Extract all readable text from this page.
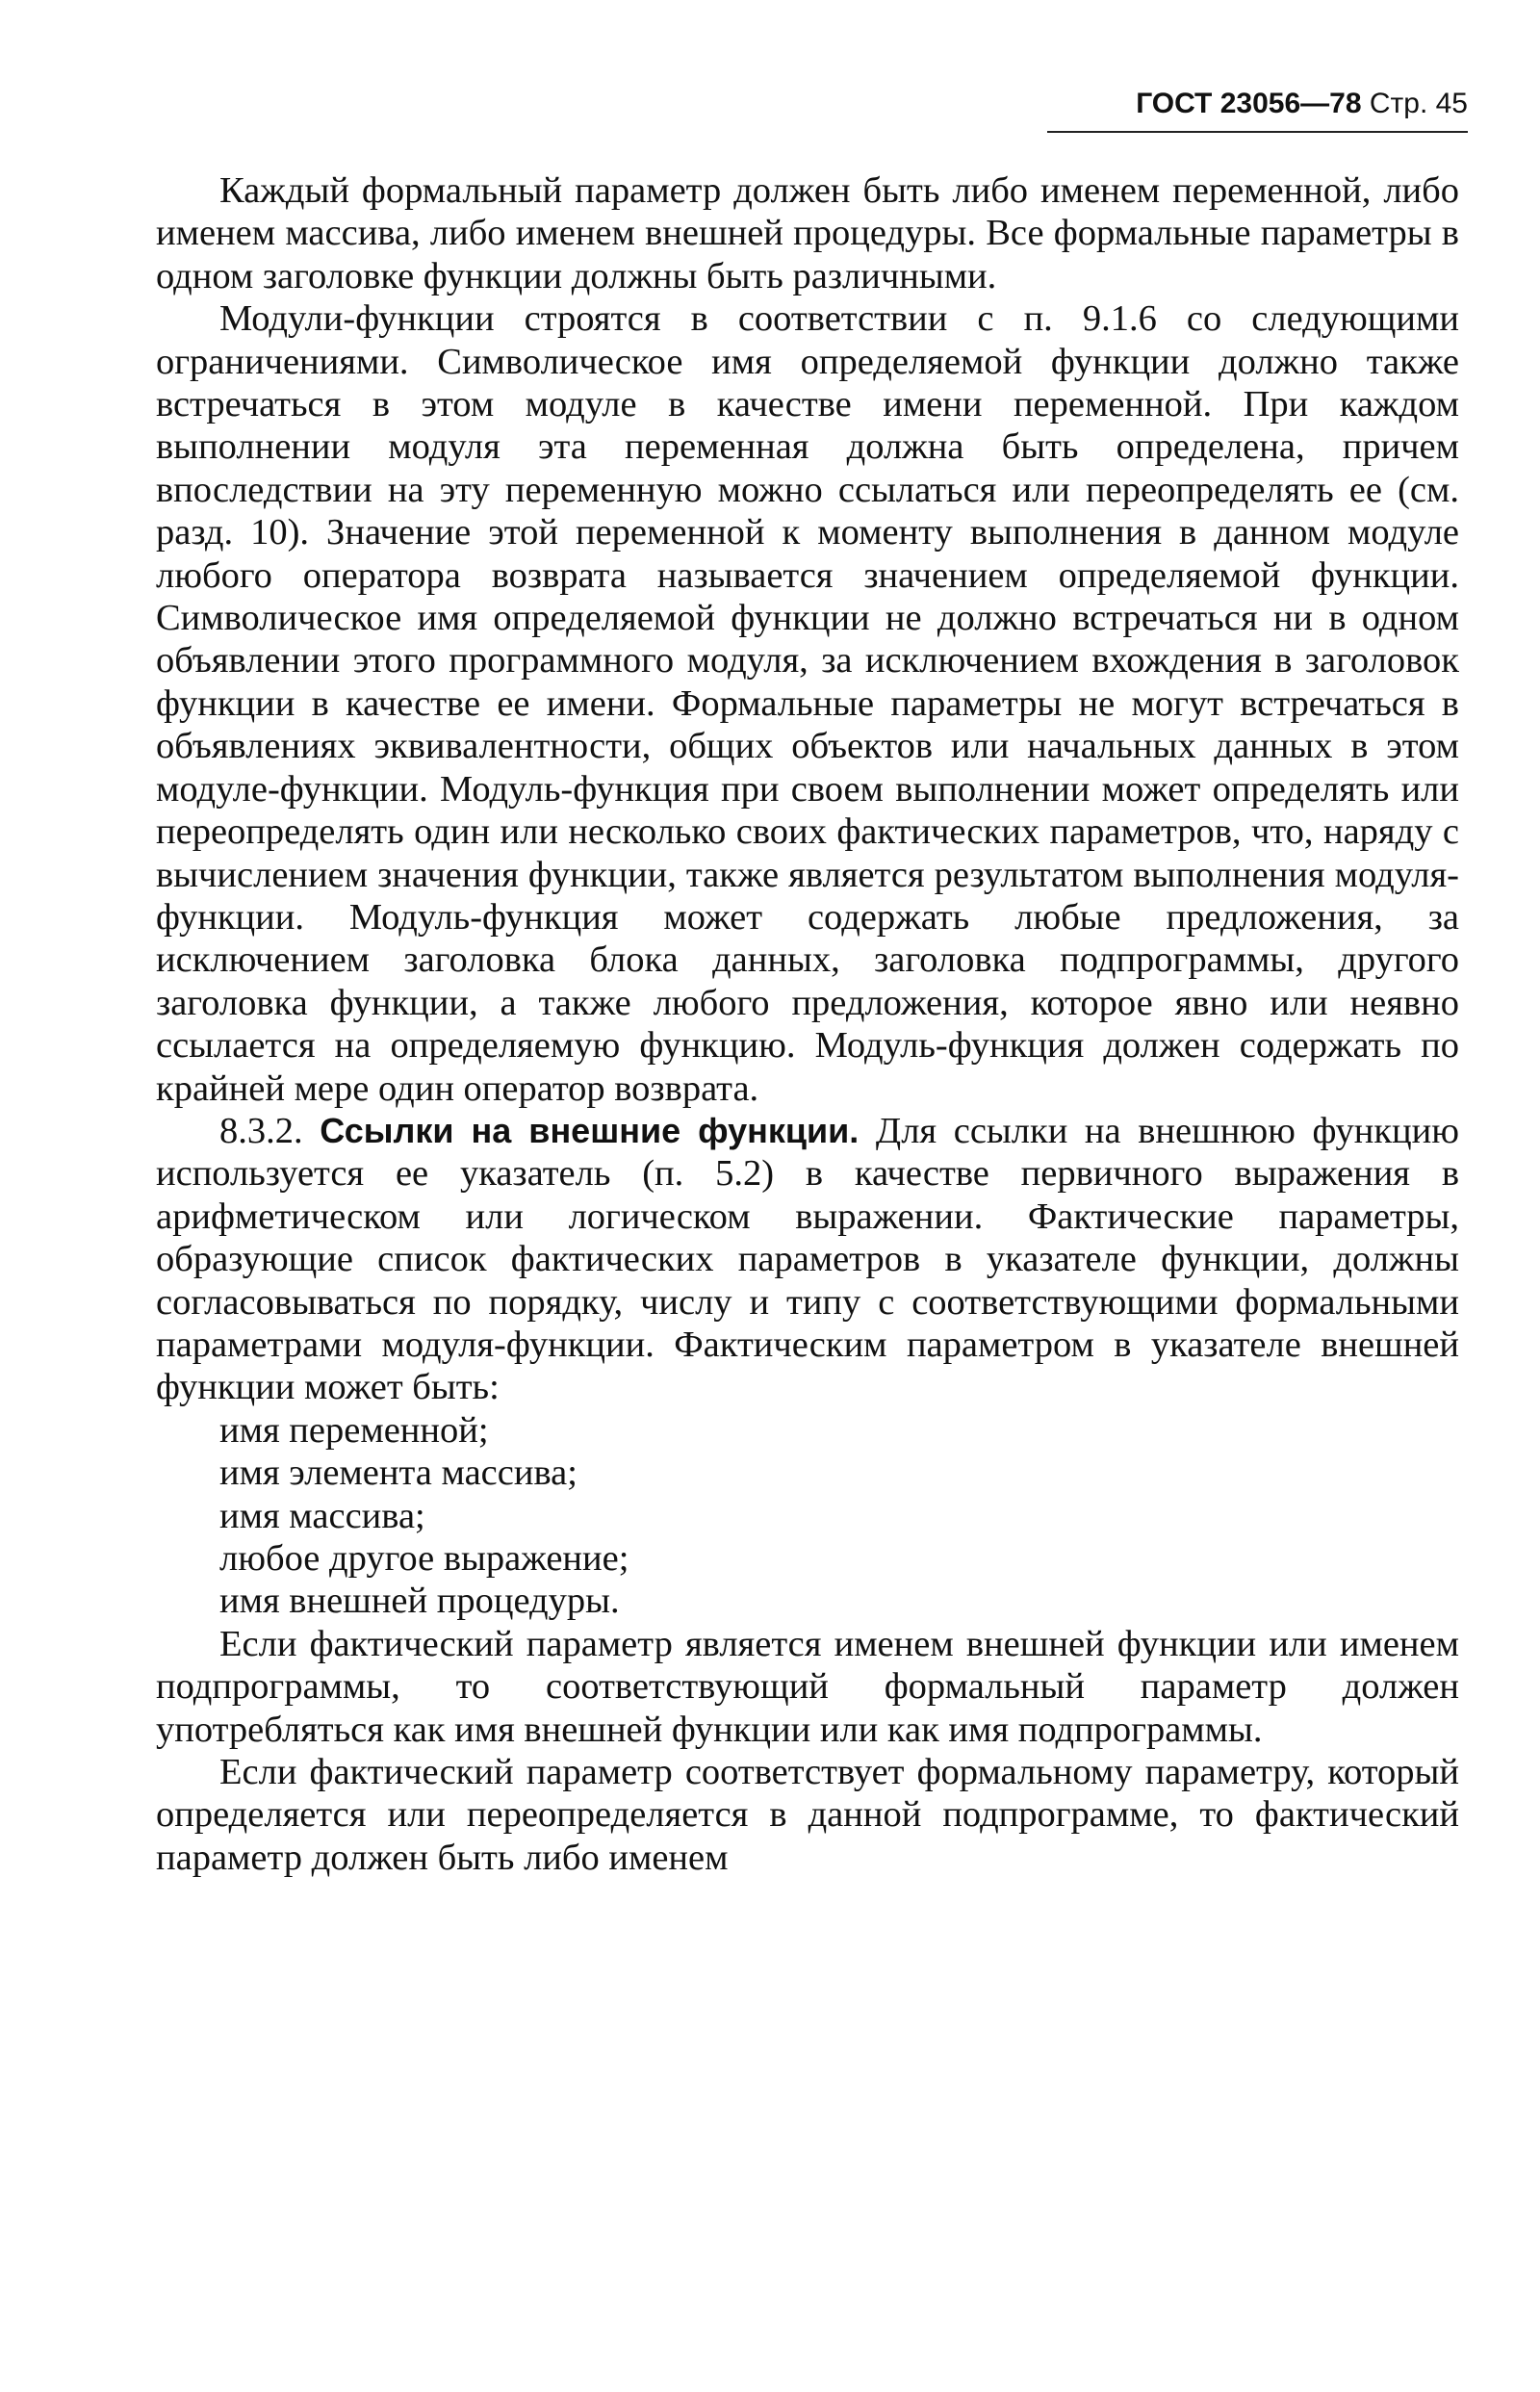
ГОСТ 23056—78 Стр. 45

Каждый формальный параметр должен быть либо именем переменной, либо именем массива, либо именем внешней процедуры. Все формальные параметры в одном заголовке функции должны быть различными.

Модули-функции строятся в соответствии с п. 9.1.6 со следующими ограничениями. Символическое имя определяемой функции должно также встречаться в этом модуле в качестве имени переменной. При каждом выполнении модуля эта переменная должна быть определена, причем впоследствии на эту переменную можно ссылаться или переопределять ее (см. разд. 10). Значение этой переменной к моменту выполнения в данном модуле любого оператора возврата называется значением определяемой функции. Символическое имя определяемой функции не должно встречаться ни в одном объявлении этого программного модуля, за исключением вхождения в заголовок функции в качестве ее имени. Формальные параметры не могут встречаться в объявлениях эквивалентности, общих объектов или начальных данных в этом модуле-функции. Модуль-функция при своем выполнении может определять или переопределять один или несколько своих фактических параметров, что, наряду с вычислением значения функции, также является результатом выполнения модуля-функции. Модуль-функция может содержать любые предложения, за исключением заголовка блока данных, заголовка подпрограммы, другого заголовка функции, а также любого предложения, которое явно или неявно ссылается на определяемую функцию. Модуль-функция должен содержать по крайней мере один оператор возврата.

8.3.2. Ссылки на внешние функции. Для ссылки на внешнюю функцию используется ее указатель (п. 5.2) в качестве первичного выражения в арифметическом или логическом выражении. Фактические параметры, образующие список фактических параметров в указателе функции, должны согласовываться по порядку, числу и типу с соответствующими формальными параметрами модуля-функции. Фактическим параметром в указателе внешней функции может быть:

имя переменной;
имя элемента массива;
имя массива;
любое другое выражение;
имя внешней процедуры.

Если фактический параметр является именем внешней функции или именем подпрограммы, то соответствующий формальный параметр должен употребляться как имя внешней функции или как имя подпрограммы.

Если фактический параметр соответствует формальному параметру, который определяется или переопределяется в данной подпрограмме, то фактический параметр должен быть либо именем
